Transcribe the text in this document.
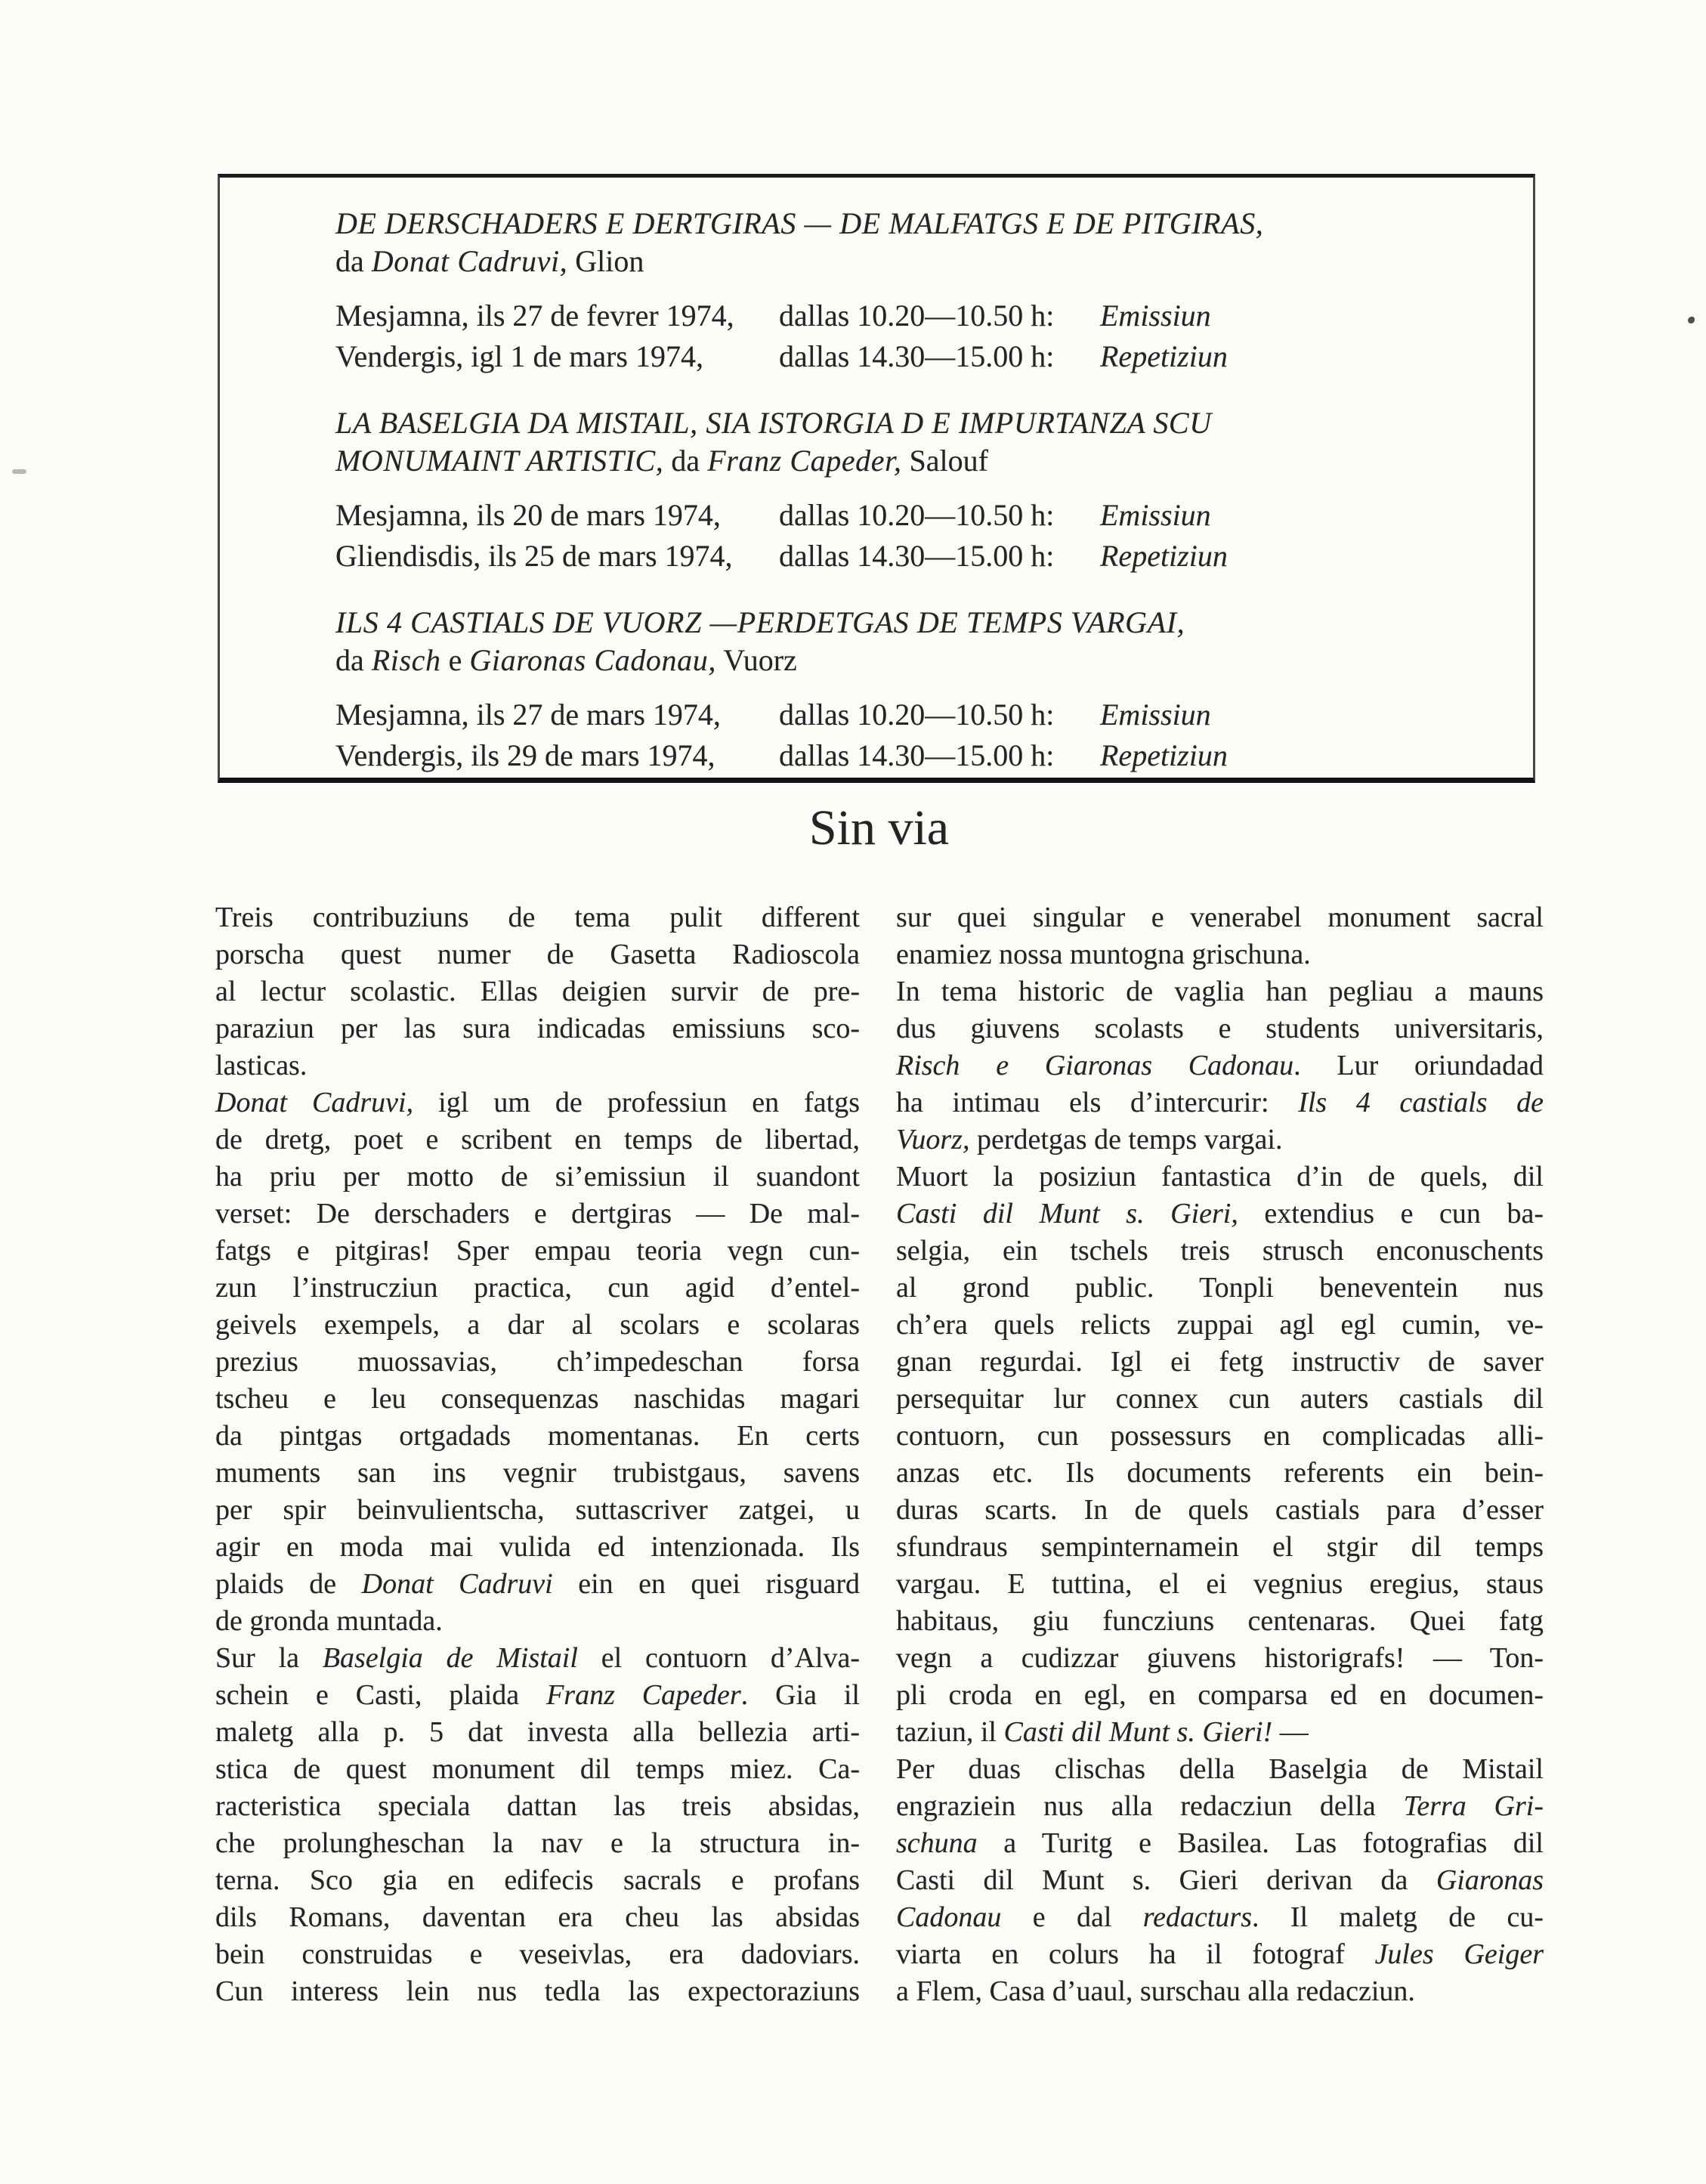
DE DERSCHADERS E DERTGIRAS — DE MALFATGS E DE PITGIRAS,
da Donat Cadruvi, Glion
Mesjamna, ils 27 de fevrer 1974,	dallas 10.20—10.50 h:	Emissiun
Vendergis, igl 1 de mars 1974,	dallas 14.30—15.00 h:	Repetiziun
LA BASELGIA DA MISTAIL, SIA ISTORGIA D E IMPURTANZA SCU
MONUMAINT ARTISTIC, da Franz Capeder, Salouf
Mesjamna, ils 20 de mars 1974,	dallas 10.20—10.50 h:	Emissiun
Gliendisdis, ils 25 de mars 1974,	dallas 14.30—15.00 h:	Repetiziun
ILS 4 CASTIALS DE VUORZ —PERDETGAS DE TEMPS VARGAI,
da Risch e Giaronas Cadonau, Vuorz
Mesjamna, ils 27 de mars 1974,	dallas 10.20—10.50 h:	Emissiun
Vendergis, ils 29 de mars 1974,	dallas 14.30—15.00 h:	Repetiziun
Sin via
Treis contribuziuns de tema pulit different
porscha quest numer de Gasetta Radioscola
al lectur scolastic. Ellas deigien survir de pre-
paraziun per las sura indicadas emissiuns sco-
lasticas.
Donat Cadruvi, igl um de professiun en fatgs
de dretg, poet e scribent en temps de libertad,
ha priu per motto de si’emissiun il suandont
verset: De derschaders e dertgiras — De mal-
fatgs e pitgiras! Sper empau teoria vegn cun-
zun l’instrucziun practica, cun agid d’entel-
geivels exempels, a dar al scolars e scolaras
prezius muossavias, ch’impedeschan forsa
tscheu e leu consequenzas naschidas magari
da pintgas ortgadads momentanas. En certs
muments san ins vegnir trubistgaus, savens
per spir beinvulientscha, suttascriver zatgei, u
agir en moda mai vulida ed intenzionada. Ils
plaids de Donat Cadruvi ein en quei risguard
de gronda muntada.
Sur la Baselgia de Mistail el contuorn d’Alva-
schein e Casti, plaida Franz Capeder. Gia il
maletg alla p. 5 dat investa alla bellezia arti-
stica de quest monument dil temps miez. Ca-
racteristica speciala dattan las treis absidas,
che prolungheschan la nav e la structura in-
terna. Sco gia en edifecis sacrals e profans
dils Romans, daventan era cheu las absidas
bein construidas e veseivlas, era dadoviars.
Cun interess lein nus tedla las expectoraziuns
sur quei singular e venerabel monument sacral
enamiez nossa muntogna grischuna.
In tema historic de vaglia han pegliau a mauns
dus giuvens scolasts e students universitaris,
Risch e Giaronas Cadonau. Lur oriundadad
ha intimau els d’intercurir: Ils 4 castials de
Vuorz, perdetgas de temps vargai.
Muort la posiziun fantastica d’in de quels, dil
Casti dil Munt s. Gieri, extendius e cun ba-
selgia, ein tschels treis strusch enconuschents
al grond public. Tonpli beneventein nus
ch’era quels relicts zuppai agl egl cumin, ve-
gnan regurdai. Igl ei fetg instructiv de saver
persequitar lur connex cun auters castials dil
contuorn, cun possessurs en complicadas alli-
anzas etc. Ils documents referents ein bein-
duras scarts. In de quels castials para d’esser
sfundraus sempinternamein el stgir dil temps
vargau. E tuttina, el ei vegnius eregius, staus
habitaus, giu funcziuns centenaras. Quei fatg
vegn a cudizzar giuvens historigrafs! — Ton-
pli croda en egl, en comparsa ed en documen-
taziun, il Casti dil Munt s. Gieri! —
Per duas clischas della Baselgia de Mistail
engraziein nus alla redacziun della Terra Gri-
schuna a Turitg e Basilea. Las fotografias dil
Casti dil Munt s. Gieri derivan da Giaronas
Cadonau e dal redacturs. Il maletg de cu-
viarta en colurs ha il fotograf Jules Geiger
a Flem, Casa d’uaul, surschau alla redacziun.
